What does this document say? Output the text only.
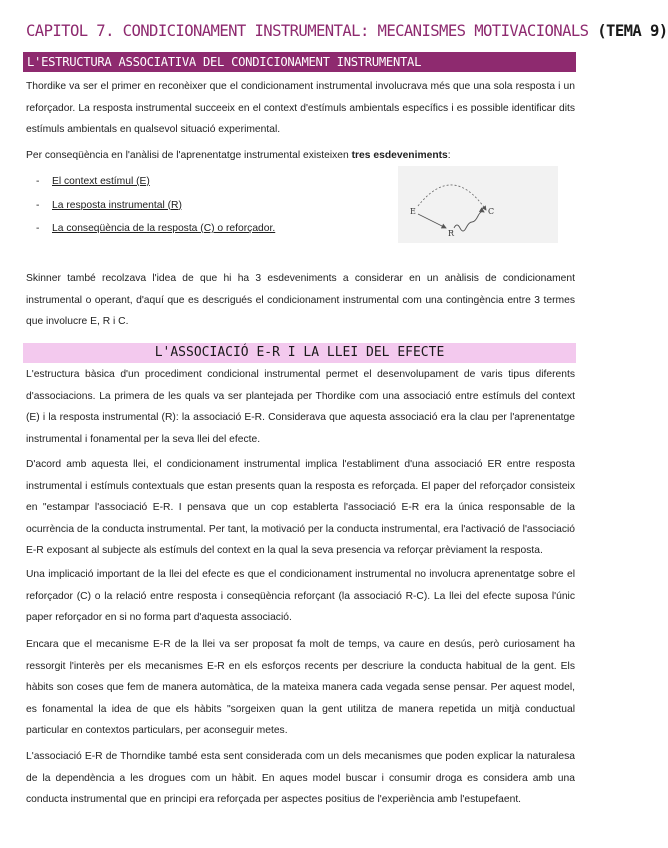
CAPITOL 7. CONDICIONAMENT INSTRUMENTAL: MECANISMES MOTIVACIONALS (TEMA 9)
L'ESTRUCTURA ASSOCIATIVA DEL CONDICIONAMENT INSTRUMENTAL

Thordike va ser el primer en reconèixer que el condicionament instrumental involucrava més que una sola resposta i un reforçador. La resposta instrumental succeeix en el context d'estímuls ambientals específics i es possible identificar dits estímuls ambientals en qualsevol situació experimental.

Per conseqüència en l'anàlisi de l'aprenentatge instrumental existeixen tres esdeveniments:

- El context estímul (E)
- La resposta instrumental (R)
- La conseqüència de la resposta (C) o reforçador.
E
R
C

Skinner també recolzava l'idea de que hi ha 3 esdeveniments a considerar en un anàlisis de condicionament instrumental o operant, d'aquí que es descrigués el condicionament instrumental com una contingència entre 3 termes que involucre E, R i C.

L'ASSOCIACIÓ E-R I LA LLEI DEL EFECTE

L'estructura bàsica d'un procediment condicional instrumental permet el desenvolupament de varis tipus diferents d'associacions. La primera de les quals va ser plantejada per Thordike com una associació entre estímuls del context (E) i la resposta instrumental (R): la associació E-R. Considerava que aquesta associació era la clau per l'aprenentatge instrumental i fonamental per la seva llei del efecte.

D'acord amb aquesta llei, el condicionament instrumental implica l'establiment d'una associació ER entre resposta instrumental i estímuls contextuals que estan presents quan la resposta es reforçada. El paper del reforçador consisteix en "estampar l'associació E-R. I pensava que un cop establerta l'associació E-R era la única responsable de la ocurrència de la conducta instrumental. Per tant, la motivació per la conducta instrumental, era l'activació de l'associació E-R exposant al subjecte als estímuls del context en la qual la seva presencia va reforçar prèviament la resposta.

Una implicació important de la llei del efecte es que el condicionament instrumental no involucra aprenentatge sobre el reforçador (C) o la relació entre resposta i conseqüència reforçant (la associació R-C). La llei del efecte suposa l'únic paper reforçador en si no forma part d'aquesta associació.

Encara que el mecanisme E-R de la llei va ser proposat fa molt de temps, va caure en desús, però curiosament ha ressorgit l'interès per els mecanismes E-R en els esforços recents per descriure la conducta habitual de la gent. Els hàbits son coses que fem de manera automàtica, de la mateixa manera cada vegada sense pensar. Per aquest model, es fonamental la idea de que els hàbits "sorgeixen quan la gent utilitza de manera repetida un mitjà conductual particular en contextos particulars, per aconseguir metes.

L'associació E-R de Thorndike també esta sent considerada com un dels mecanismes que poden explicar la naturalesa de la dependència a les drogues com un hàbit. En aques model buscar i consumir droga es considera amb una conducta instrumental que en principi era reforçada per aspectes positius de l'experiència amb l'estupefaent.
